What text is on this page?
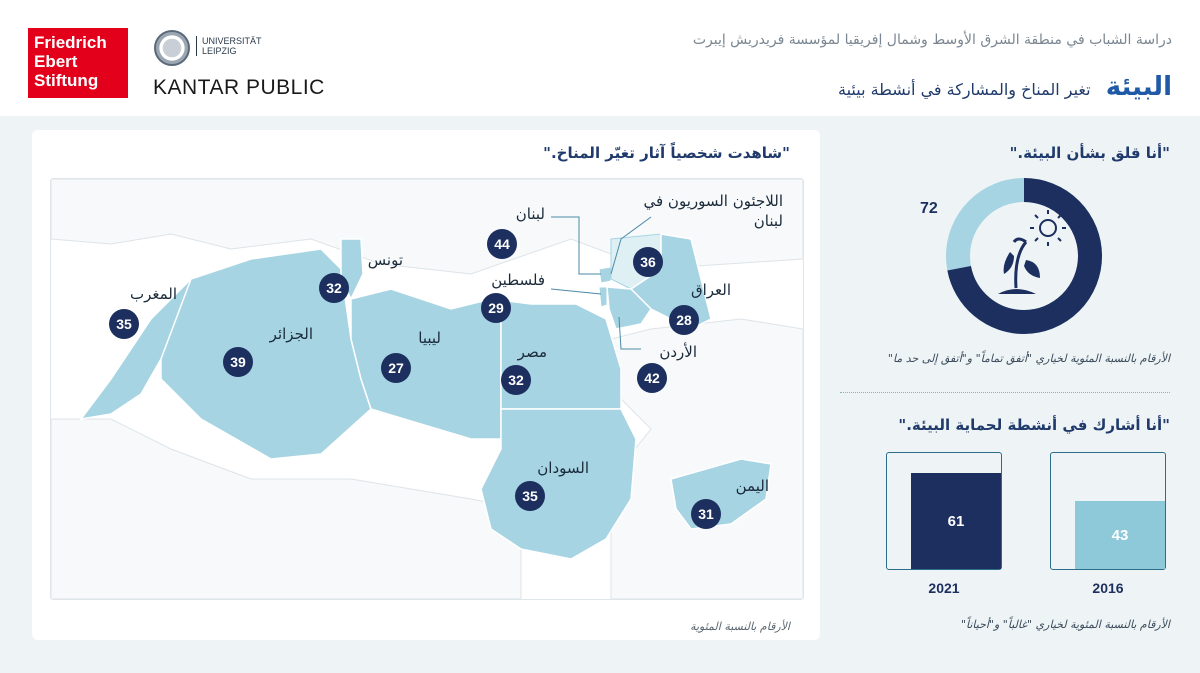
Friedrich
Ebert
Stiftung
UNIVERSITÄT
LEIPZIG
KANTAR PUBLIC
دراسة الشباب في منطقة الشرق الأوسط وشمال إفريقيا لمؤسسة فريدريش إيبرت
البيئة تغير المناخ والمشاركة في أنشطة بيئية
"شاهدت شخصياً آثار تغيّر المناخ."
المغرب
35
الجزائر
39
تونس
32
ليبيا
27
مصر
32
السودان
35
لبنان
44
فلسطين
29
اللاجئون السوريون في لبنان
36
العراق
28
الأردن
42
اليمن
31
الأرقام بالنسبة المئوية
"أنا قلق بشأن البيئة."
72
الأرقام بالنسبة المئوية لخياري "أتفق تماماً" و"أتفق إلى حد ما"
"أنا أشارك في أنشطة لحماية البيئة."
61
2021
43
2016
الأرقام بالنسبة المئوية لخياري "غالباً" و"أحياناً"
